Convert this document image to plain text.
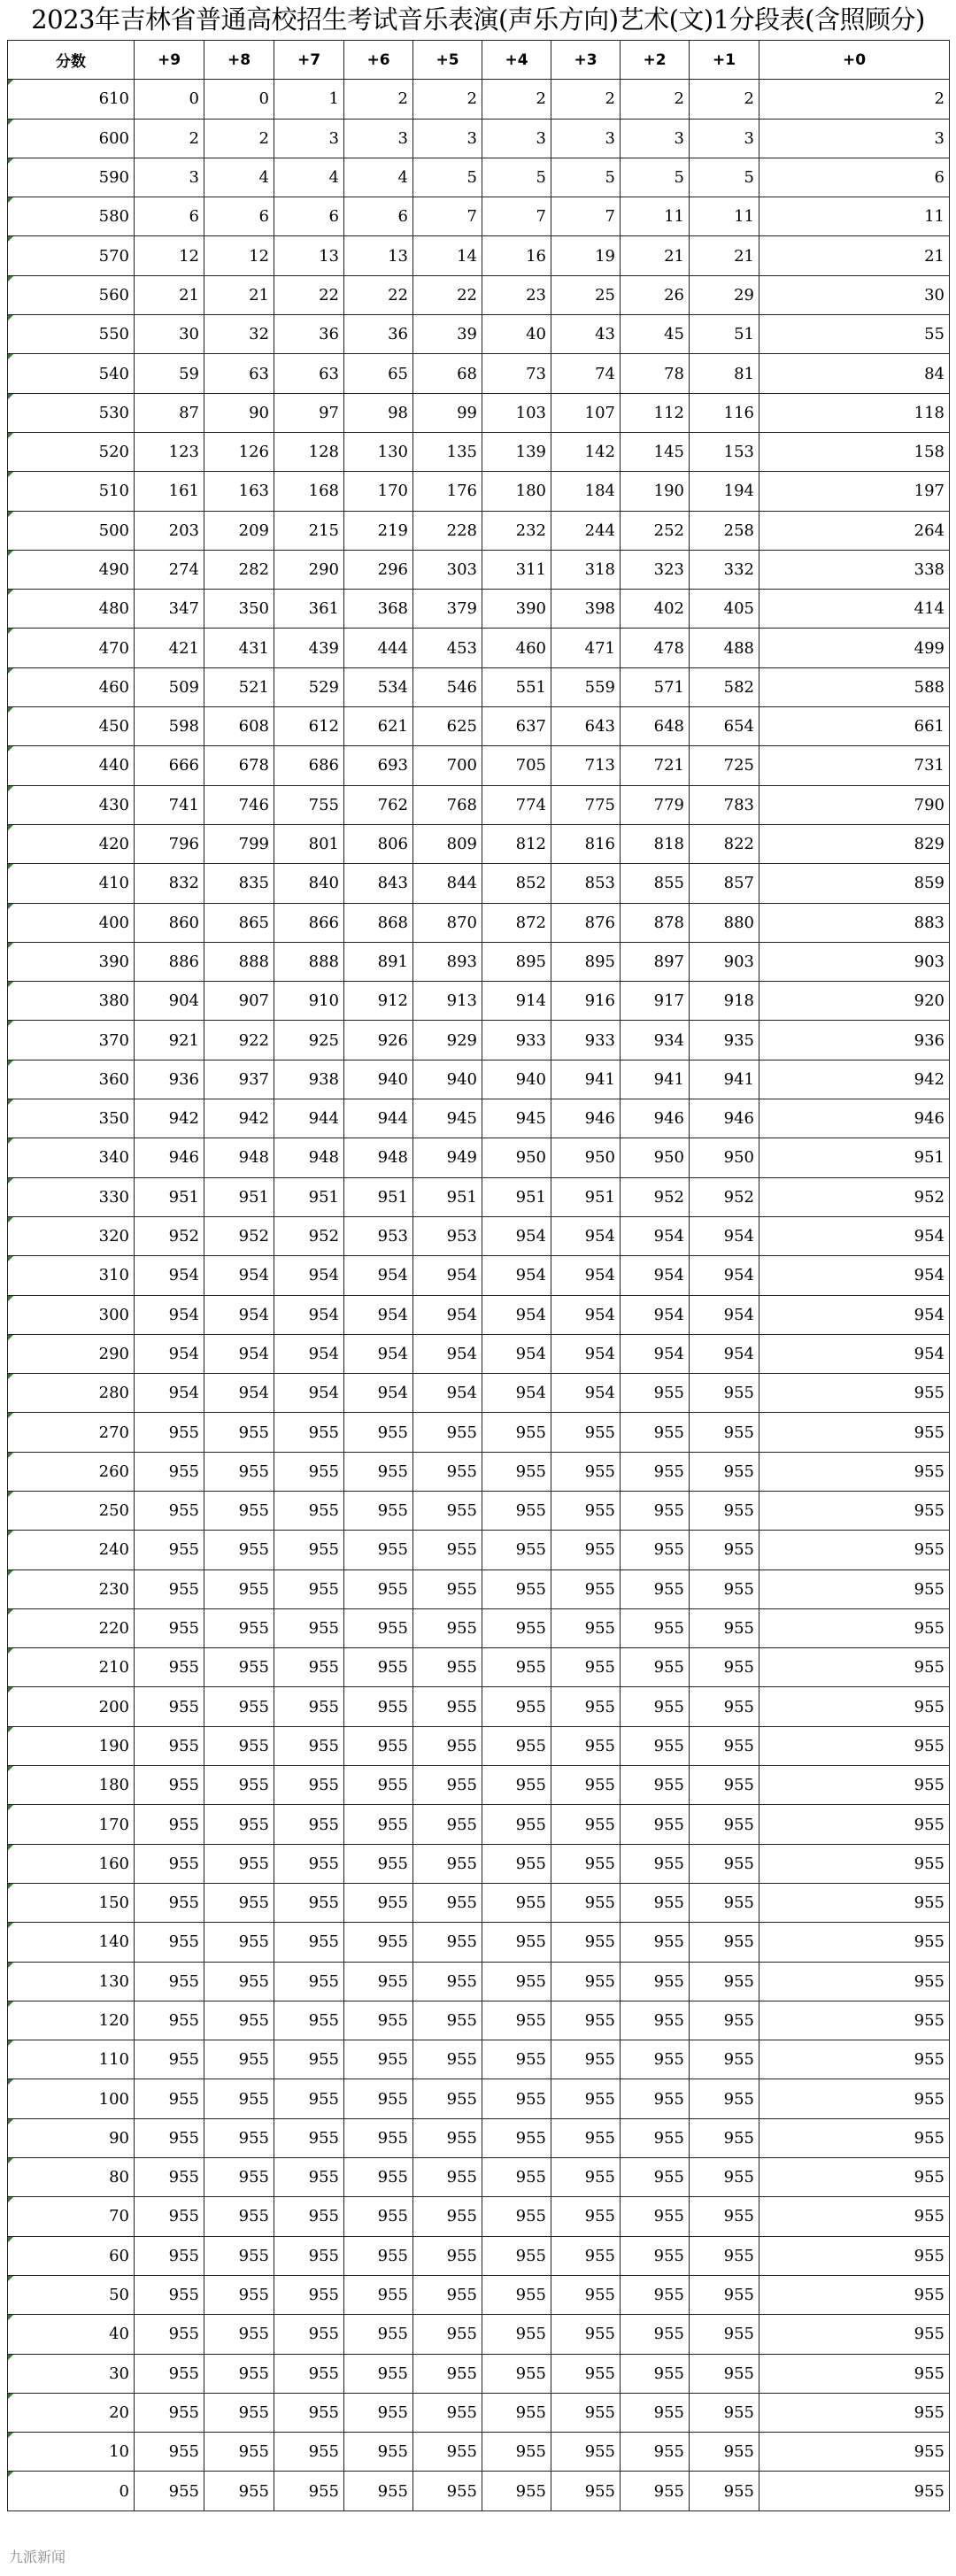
2023年吉林省普通高校招生考试音乐表演(声乐方向)艺术(文)1分段表(含照顾分)
分数	+9	+8	+7	+6	+5	+4	+3	+2	+1	+0
610	0	0	1	2	2	2	2	2	2	2
600	2	2	3	3	3	3	3	3	3	3
590	3	4	4	4	5	5	5	5	5	6
580	6	6	6	6	7	7	7	11	11	11
570	12	12	13	13	14	16	19	21	21	21
560	21	21	22	22	22	23	25	26	29	30
550	30	32	36	36	39	40	43	45	51	55
540	59	63	63	65	68	73	74	78	81	84
530	87	90	97	98	99	103	107	112	116	118
520	123	126	128	130	135	139	142	145	153	158
510	161	163	168	170	176	180	184	190	194	197
500	203	209	215	219	228	232	244	252	258	264
490	274	282	290	296	303	311	318	323	332	338
480	347	350	361	368	379	390	398	402	405	414
470	421	431	439	444	453	460	471	478	488	499
460	509	521	529	534	546	551	559	571	582	588
450	598	608	612	621	625	637	643	648	654	661
440	666	678	686	693	700	705	713	721	725	731
430	741	746	755	762	768	774	775	779	783	790
420	796	799	801	806	809	812	816	818	822	829
410	832	835	840	843	844	852	853	855	857	859
400	860	865	866	868	870	872	876	878	880	883
390	886	888	888	891	893	895	895	897	903	903
380	904	907	910	912	913	914	916	917	918	920
370	921	922	925	926	929	933	933	934	935	936
360	936	937	938	940	940	940	941	941	941	942
350	942	942	944	944	945	945	946	946	946	946
340	946	948	948	948	949	950	950	950	950	951
330	951	951	951	951	951	951	951	952	952	952
320	952	952	952	953	953	954	954	954	954	954
310	954	954	954	954	954	954	954	954	954	954
300	954	954	954	954	954	954	954	954	954	954
290	954	954	954	954	954	954	954	954	954	954
280	954	954	954	954	954	954	954	955	955	955
270	955	955	955	955	955	955	955	955	955	955
260	955	955	955	955	955	955	955	955	955	955
250	955	955	955	955	955	955	955	955	955	955
240	955	955	955	955	955	955	955	955	955	955
230	955	955	955	955	955	955	955	955	955	955
220	955	955	955	955	955	955	955	955	955	955
210	955	955	955	955	955	955	955	955	955	955
200	955	955	955	955	955	955	955	955	955	955
190	955	955	955	955	955	955	955	955	955	955
180	955	955	955	955	955	955	955	955	955	955
170	955	955	955	955	955	955	955	955	955	955
160	955	955	955	955	955	955	955	955	955	955
150	955	955	955	955	955	955	955	955	955	955
140	955	955	955	955	955	955	955	955	955	955
130	955	955	955	955	955	955	955	955	955	955
120	955	955	955	955	955	955	955	955	955	955
110	955	955	955	955	955	955	955	955	955	955
100	955	955	955	955	955	955	955	955	955	955
90	955	955	955	955	955	955	955	955	955	955
80	955	955	955	955	955	955	955	955	955	955
70	955	955	955	955	955	955	955	955	955	955
60	955	955	955	955	955	955	955	955	955	955
50	955	955	955	955	955	955	955	955	955	955
40	955	955	955	955	955	955	955	955	955	955
30	955	955	955	955	955	955	955	955	955	955
20	955	955	955	955	955	955	955	955	955	955
10	955	955	955	955	955	955	955	955	955	955
0	955	955	955	955	955	955	955	955	955	955
九派新闻
